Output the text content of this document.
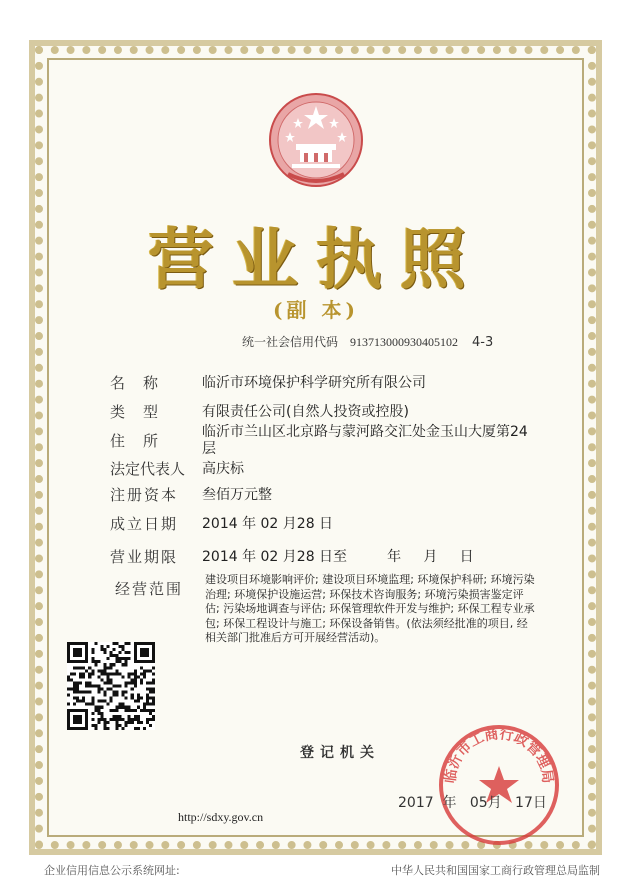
营业执照
(副 本)
统一社会信用代码 913713000930405102 4-3
名称 临沂市环境保护科学研究所有限公司
类型 有限责任公司(自然人投资或控股)
住所 临沂市兰山区北京路与蒙河路交汇处金玉山大厦第24层
法定代表人 高庆标
注册资本 叁佰万元整
成立日期 2014 年 02 月28 日
营业期限 2014 年 02 月28 日至         年     月     日
经营范围
建设项目环境影响评价; 建设项目环境监理; 环境保护科研; 环境污染治理; 环境保护设施运营; 环保技术咨询服务; 环境污染损害鉴定评估; 污染场地调查与评估; 环保管理软件开发与维护; 环保工程专业承包; 环保工程设计与施工; 环保设备销售。(依法须经批准的项目, 经相关部门批准后方可开展经营活动)。
登记机关
临沂市工商行政管理局
2017  年   05月   17日
http://sdxy.gov.cn
企业信用信息公示系统网址:	中华人民共和国国家工商行政管理总局监制
